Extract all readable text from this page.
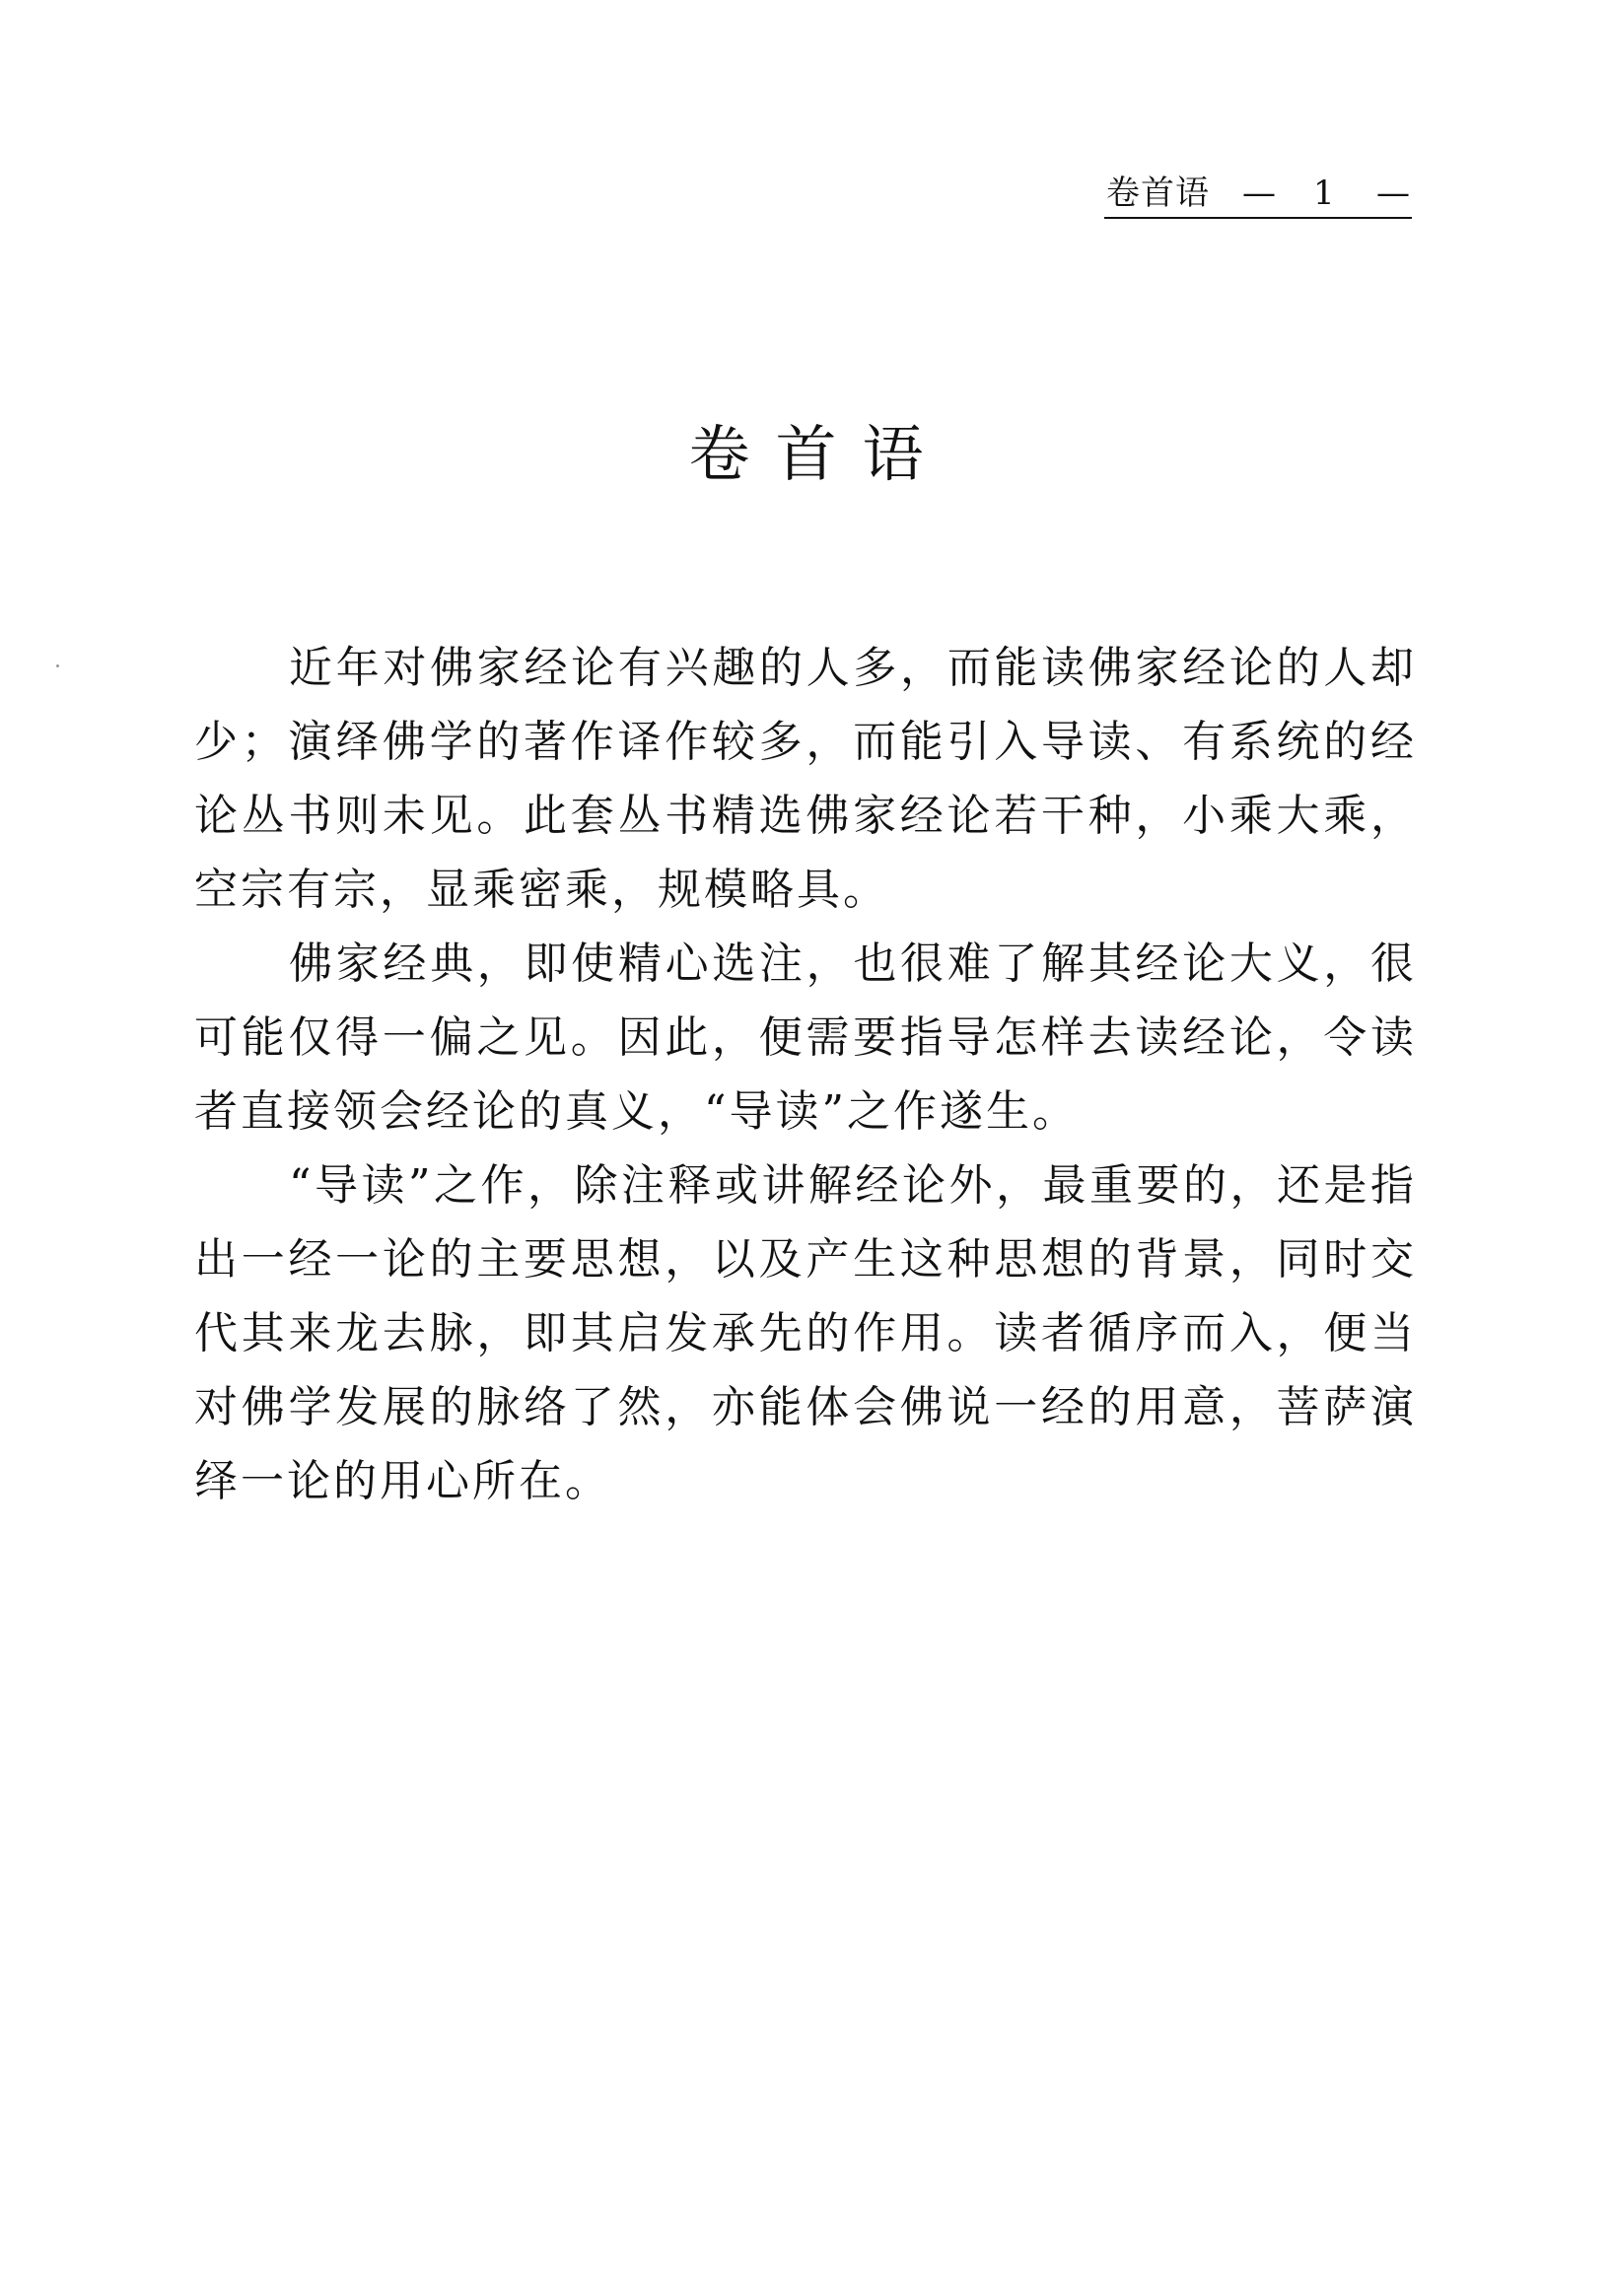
卷首语 — 1 —
卷首语

近年对佛家经论有兴趣的人多，而能读佛家经论的人却少；演绎佛学的著作译作较多，而能引入导读、有系统的经论丛书则未见。此套丛书精选佛家经论若干种，小乘大乘，空宗有宗，显乘密乘，规模略具。

佛家经典，即使精心选注，也很难了解其经论大义，很可能仅得一偏之见。因此，便需要指导怎样去读经论，令读者直接领会经论的真义，“导读”之作遂生。

“导读”之作，除注释或讲解经论外，最重要的，还是指出一经一论的主要思想，以及产生这种思想的背景，同时交代其来龙去脉，即其启发承先的作用。读者循序而入，便当对佛学发展的脉络了然，亦能体会佛说一经的用意，菩萨演绎一论的用心所在。
